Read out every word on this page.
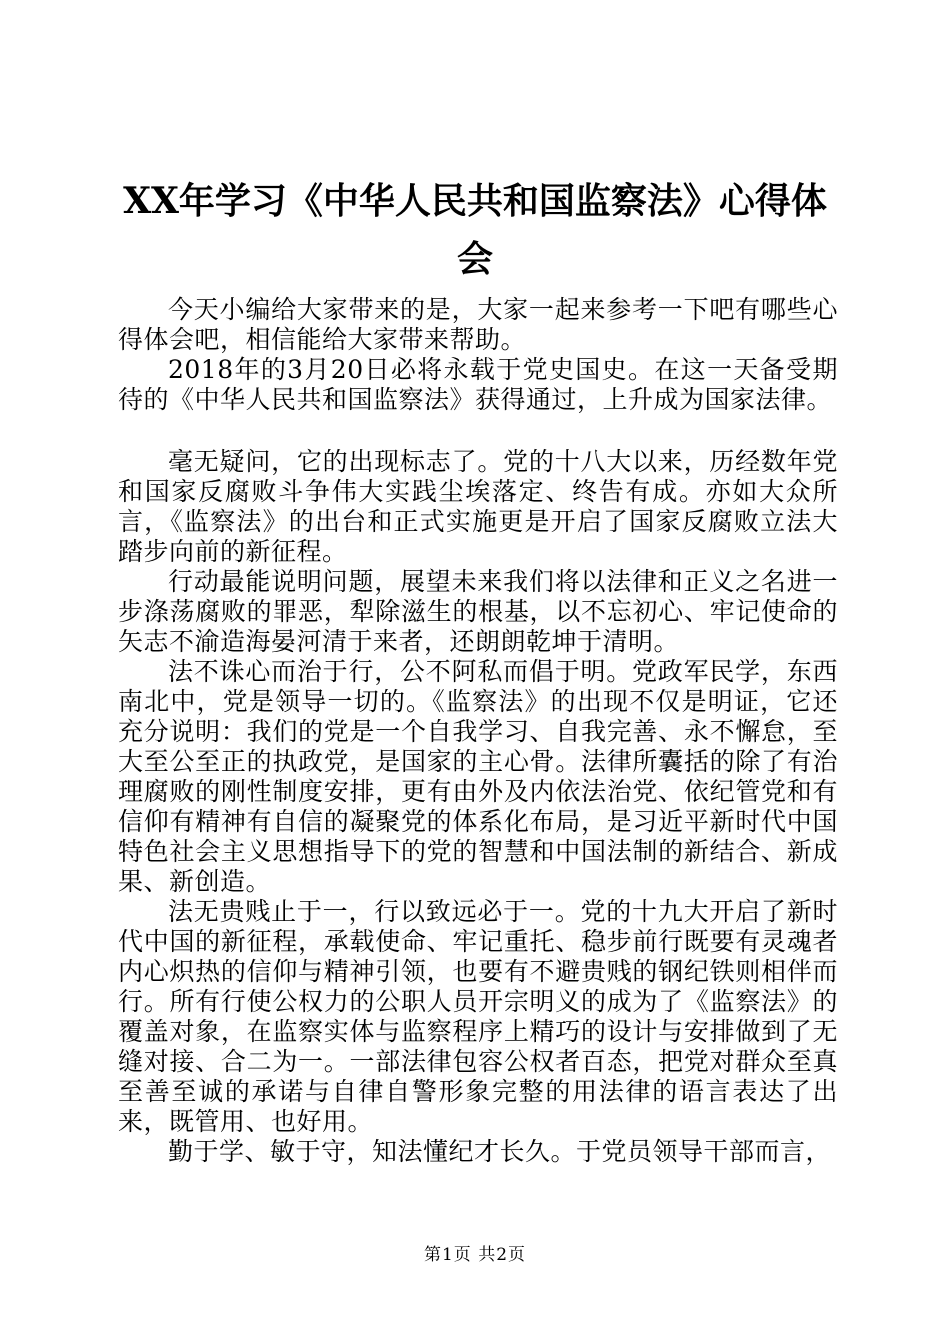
XX年学习《中华人民共和国监察法》心得体会

今天小编给大家带来的是，大家一起来参考一下吧有哪些心得体会吧，相信能给大家带来帮助。

2018年的3月20日必将永载于党史国史。在这一天备受期待的《中华人民共和国监察法》获得通过，上升成为国家法律。

毫无疑问，它的出现标志了。党的十八大以来，历经数年党和国家反腐败斗争伟大实践尘埃落定、终告有成。亦如大众所言，《监察法》的出台和正式实施更是开启了国家反腐败立法大踏步向前的新征程。

行动最能说明问题，展望未来我们将以法律和正义之名进一步涤荡腐败的罪恶，犁除滋生的根基，以不忘初心、牢记使命的矢志不渝造海晏河清于来者，还朗朗乾坤于清明。

法不诛心而治于行，公不阿私而倡于明。党政军民学，东西南北中，党是领导一切的。《监察法》的出现不仅是明证，它还充分说明：我们的党是一个自我学习、自我完善、永不懈怠，至大至公至正的执政党，是国家的主心骨。法律所囊括的除了有治理腐败的刚性制度安排，更有由外及内依法治党、依纪管党和有信仰有精神有自信的凝聚党的体系化布局，是习近平新时代中国特色社会主义思想指导下的党的智慧和中国法制的新结合、新成果、新创造。

法无贵贱止于一，行以致远必于一。党的十九大开启了新时代中国的新征程，承载使命、牢记重托、稳步前行既要有灵魂者内心炽热的信仰与精神引领，也要有不避贵贱的钢纪铁则相伴而行。所有行使公权力的公职人员开宗明义的成为了《监察法》的覆盖对象，在监察实体与监察程序上精巧的设计与安排做到了无缝对接、合二为一。一部法律包容公权者百态，把党对群众至真至善至诚的承诺与自律自警形象完整的用法律的语言表达了出来，既管用、也好用。

勤于学、敏于守，知法懂纪才长久。于党员领导干部而言，

第1页 共2页
